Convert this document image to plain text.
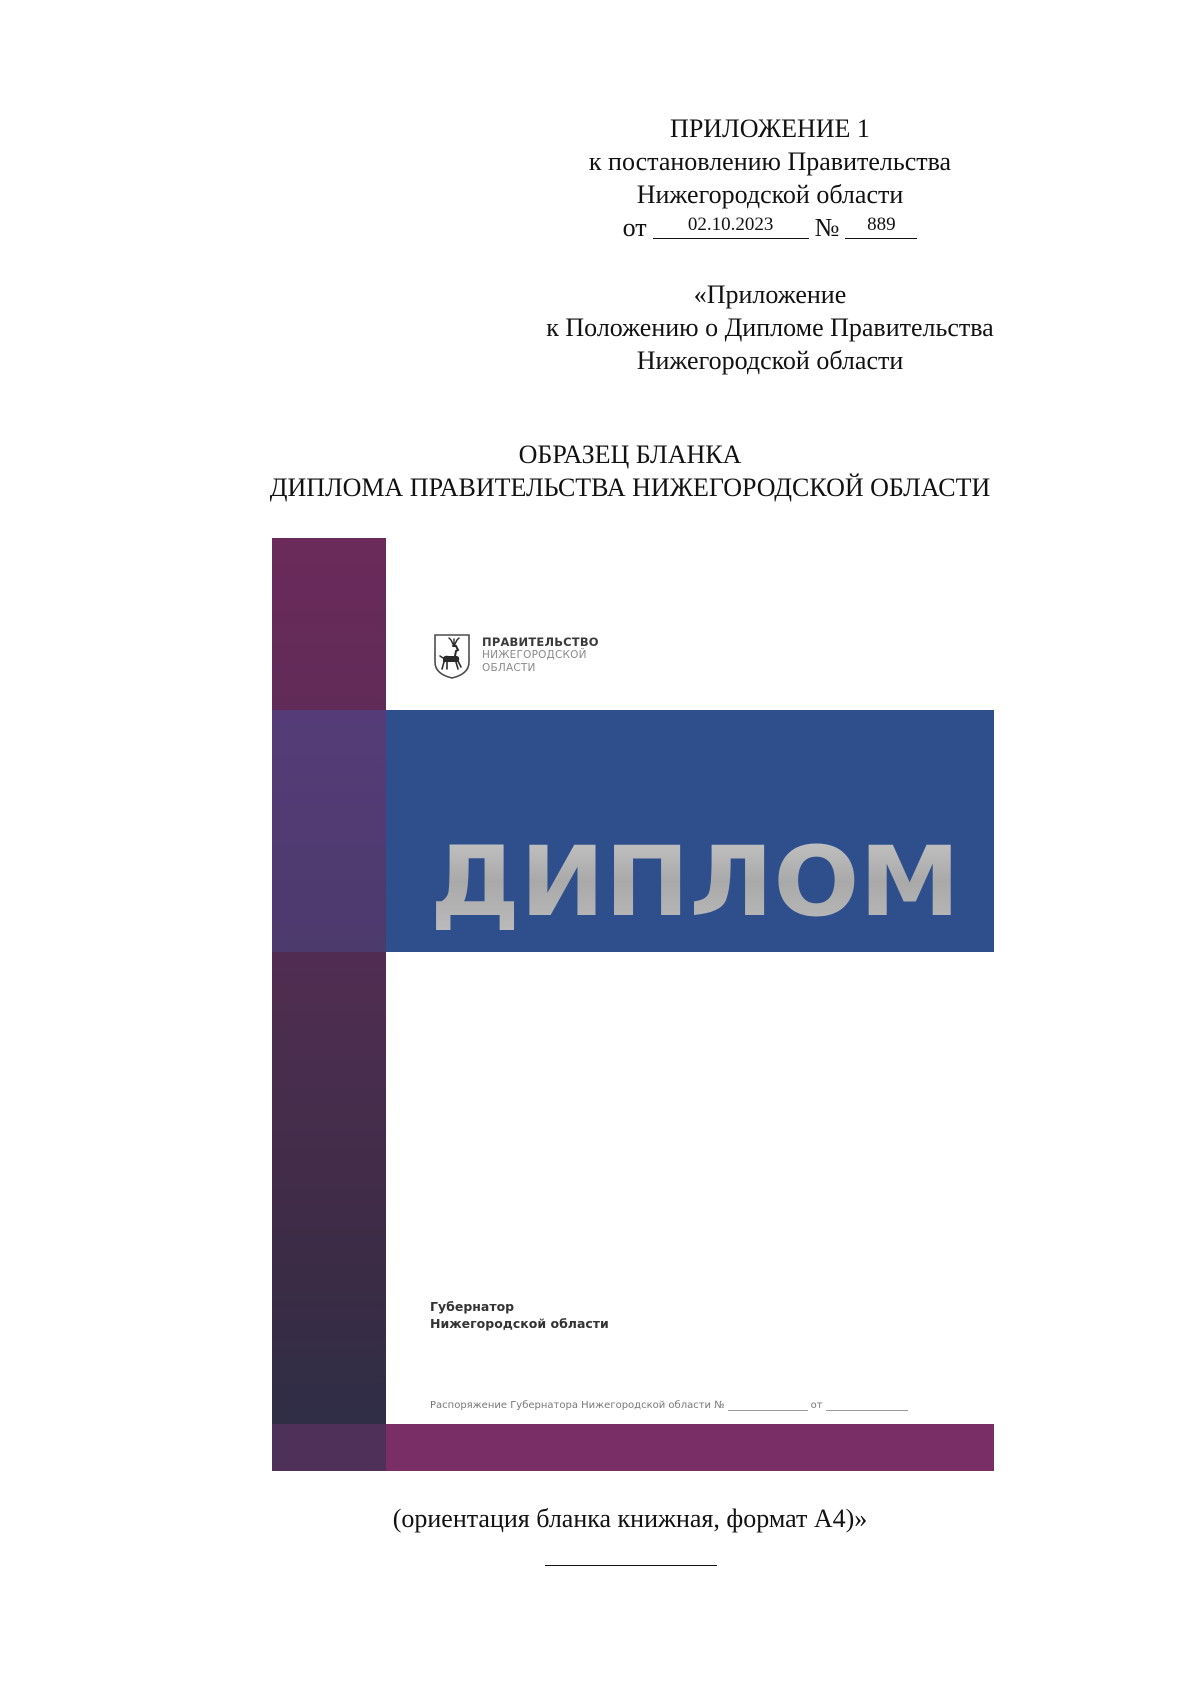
ПРИЛОЖЕНИЕ 1
к постановлению Правительства
Нижегородской области
от	02.10.2023	№	889
«Приложение
к Положению о Дипломе Правительства
Нижегородской области
ОБРАЗЕЦ БЛАНКА
ДИПЛОМА ПРАВИТЕЛЬСТВА НИЖЕГОРОДСКОЙ ОБЛАСТИ
ПРАВИТЕЛЬСТВО
НИЖЕГОРОДСКОЙ
ОБЛАСТИ
ДИПЛОМ
Губернатор
Нижегородской области
Распоряжение Губернатора Нижегородской области №	от
(ориентация бланка книжная, формат А4)»
